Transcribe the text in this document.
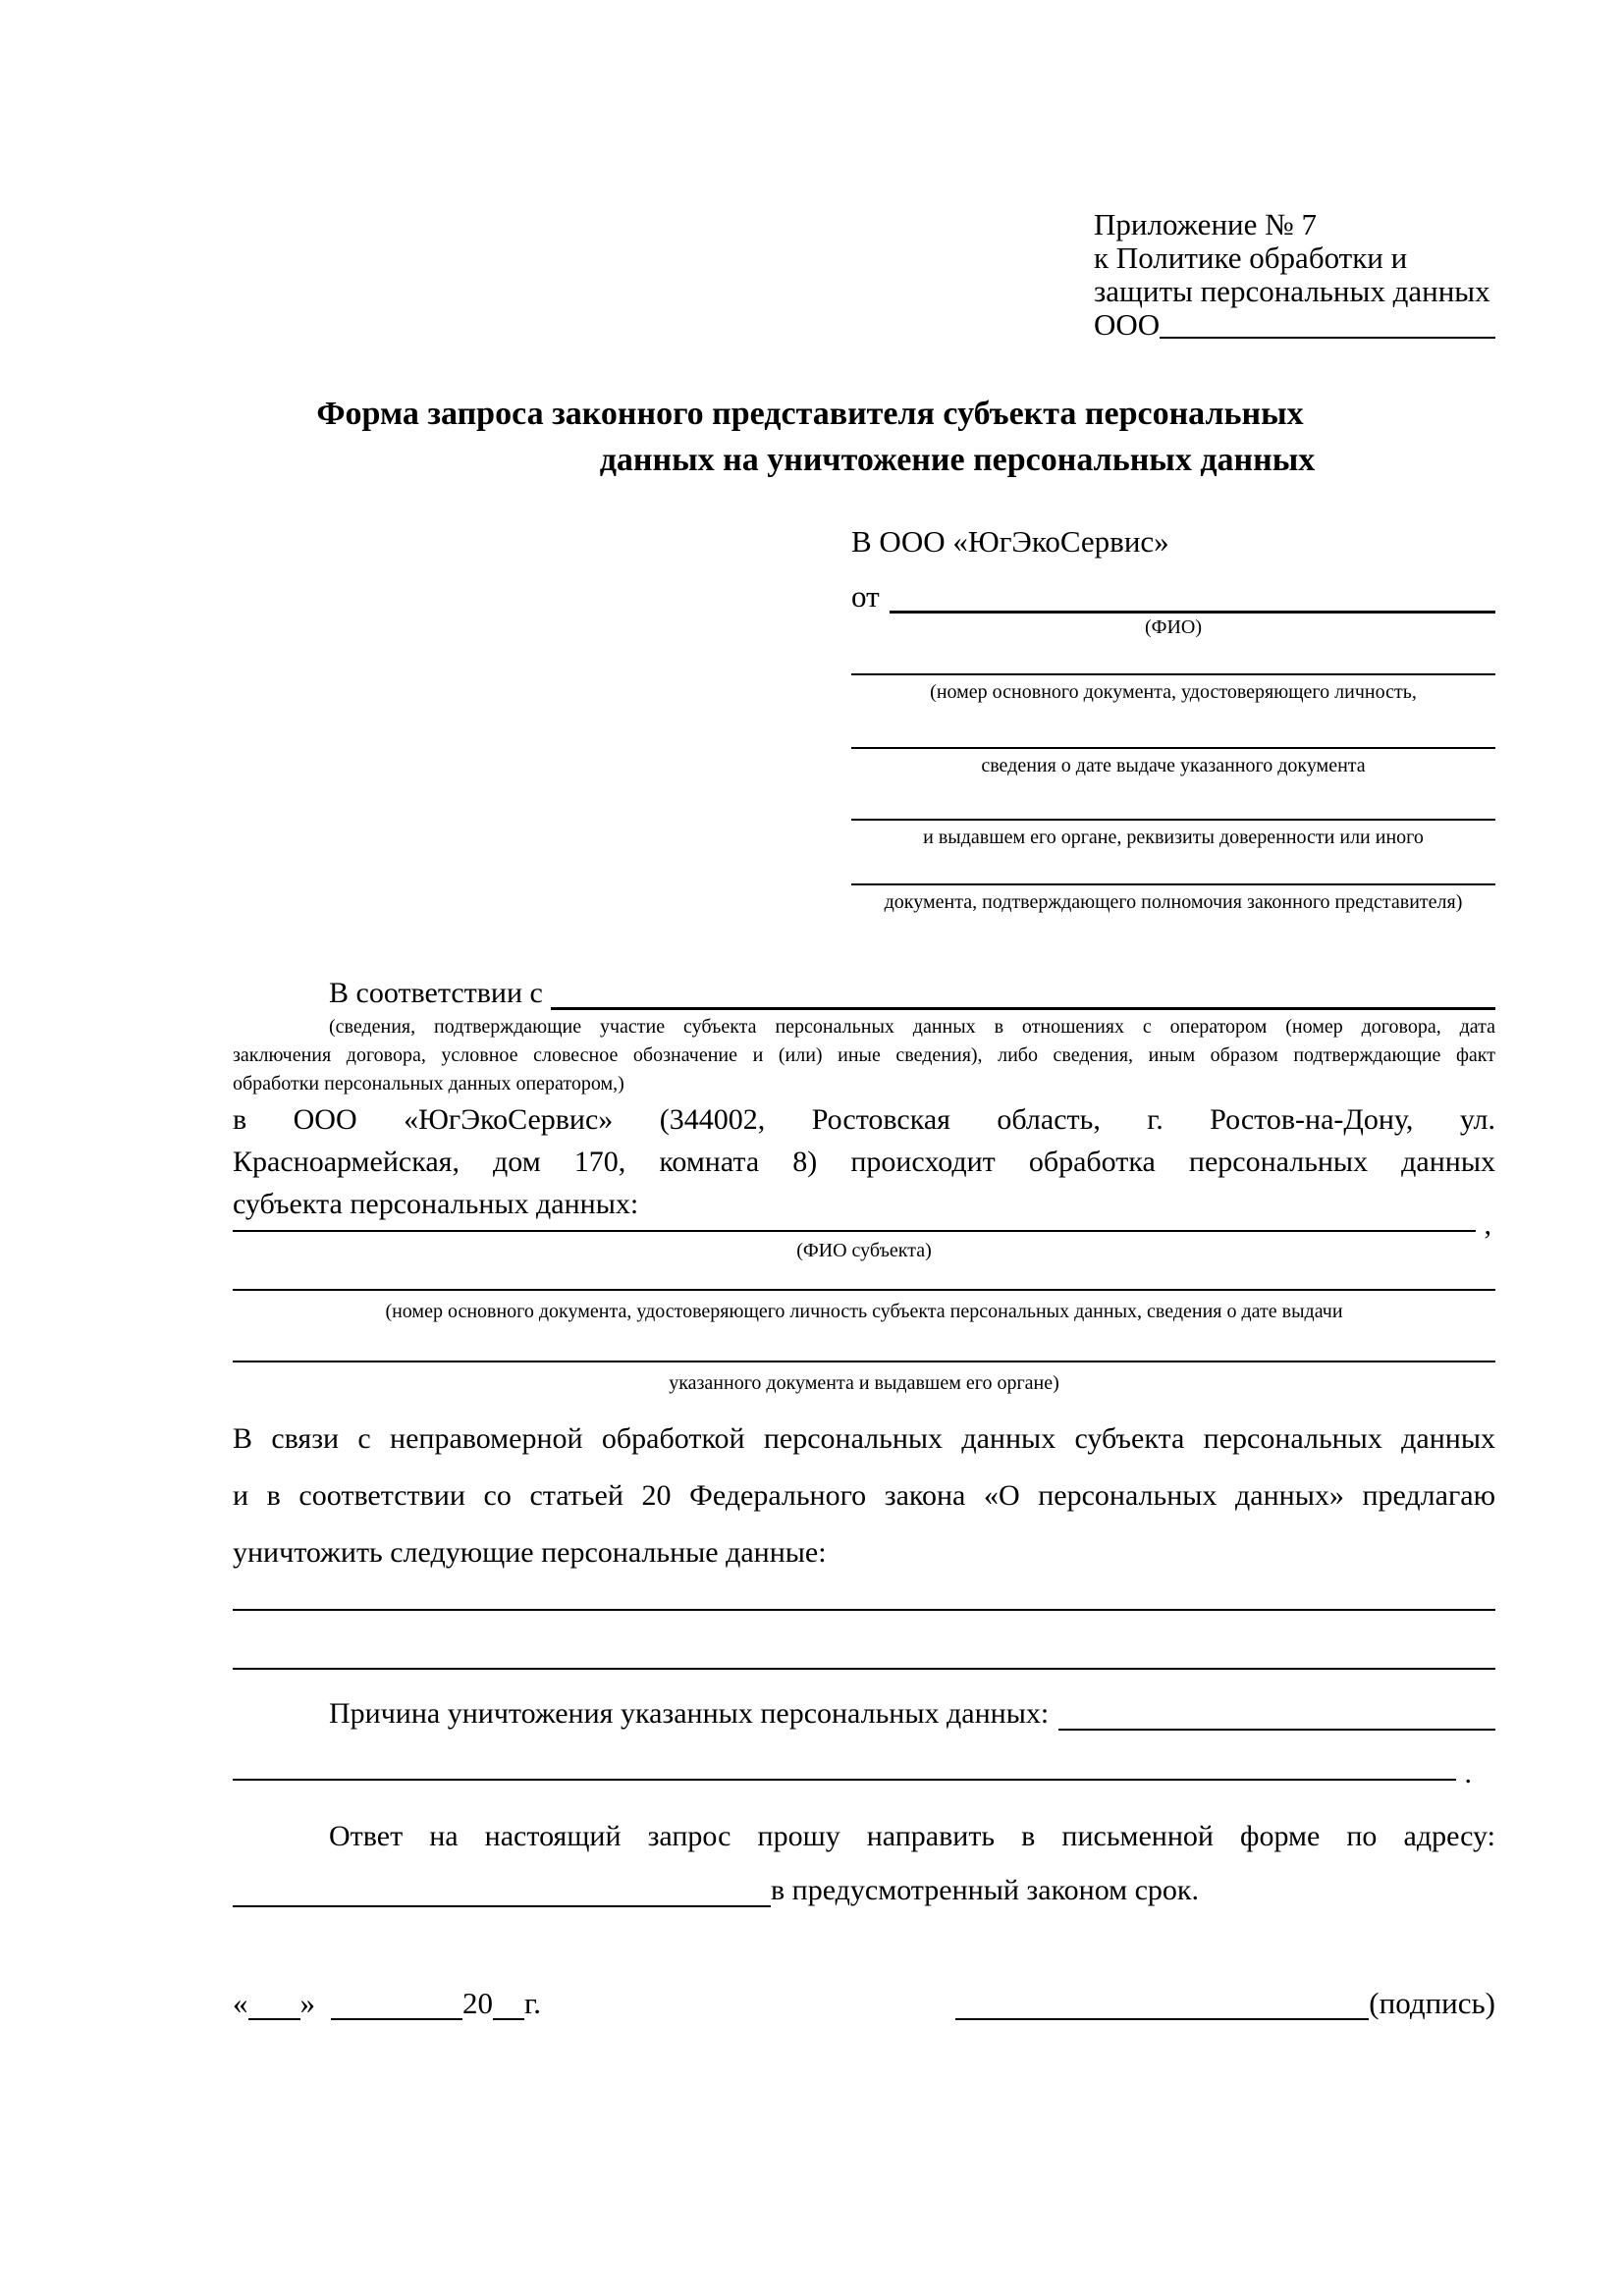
Приложение № 7
к Политике обработки и
защиты персональных данных
ООО
Форма запроса законного представителя субъекта персональных
данных на уничтожение персональных данных
В ООО «ЮгЭкоСервис»
от
(ФИО)
(номер основного документа, удостоверяющего личность,
сведения о дате выдаче указанного документа
и выдавшем его органе, реквизиты доверенности или иного
документа, подтверждающего полномочия законного представителя)
В соответствии с
(сведения, подтверждающие участие субъекта персональных данных в отношениях с оператором (номер договора, дата
заключения договора, условное словесное обозначение и (или) иные сведения), либо сведения, иным образом подтверждающие факт
обработки персональных данных оператором,)
в ООО «ЮгЭкоСервис» (344002, Ростовская область, г. Ростов-на-Дону, ул.
Красноармейская, дом 170, комната 8) происходит обработка персональных данных
субъекта персональных данных:
,
(ФИО субъекта)
(номер основного документа, удостоверяющего личность субъекта персональных данных, сведения о дате выдачи
указанного документа и выдавшем его органе)
В связи с неправомерной обработкой персональных данных субъекта персональных данных
и в соответствии со статьей 20 Федерального закона «О персональных данных» предлагаю
уничтожить следующие персональные данные:
Причина уничтожения указанных персональных данных:
.
Ответ на настоящий запрос прошу направить в письменной форме по адресу:
в предусмотренный законом срок.
« »	20 г.	(подпись)
